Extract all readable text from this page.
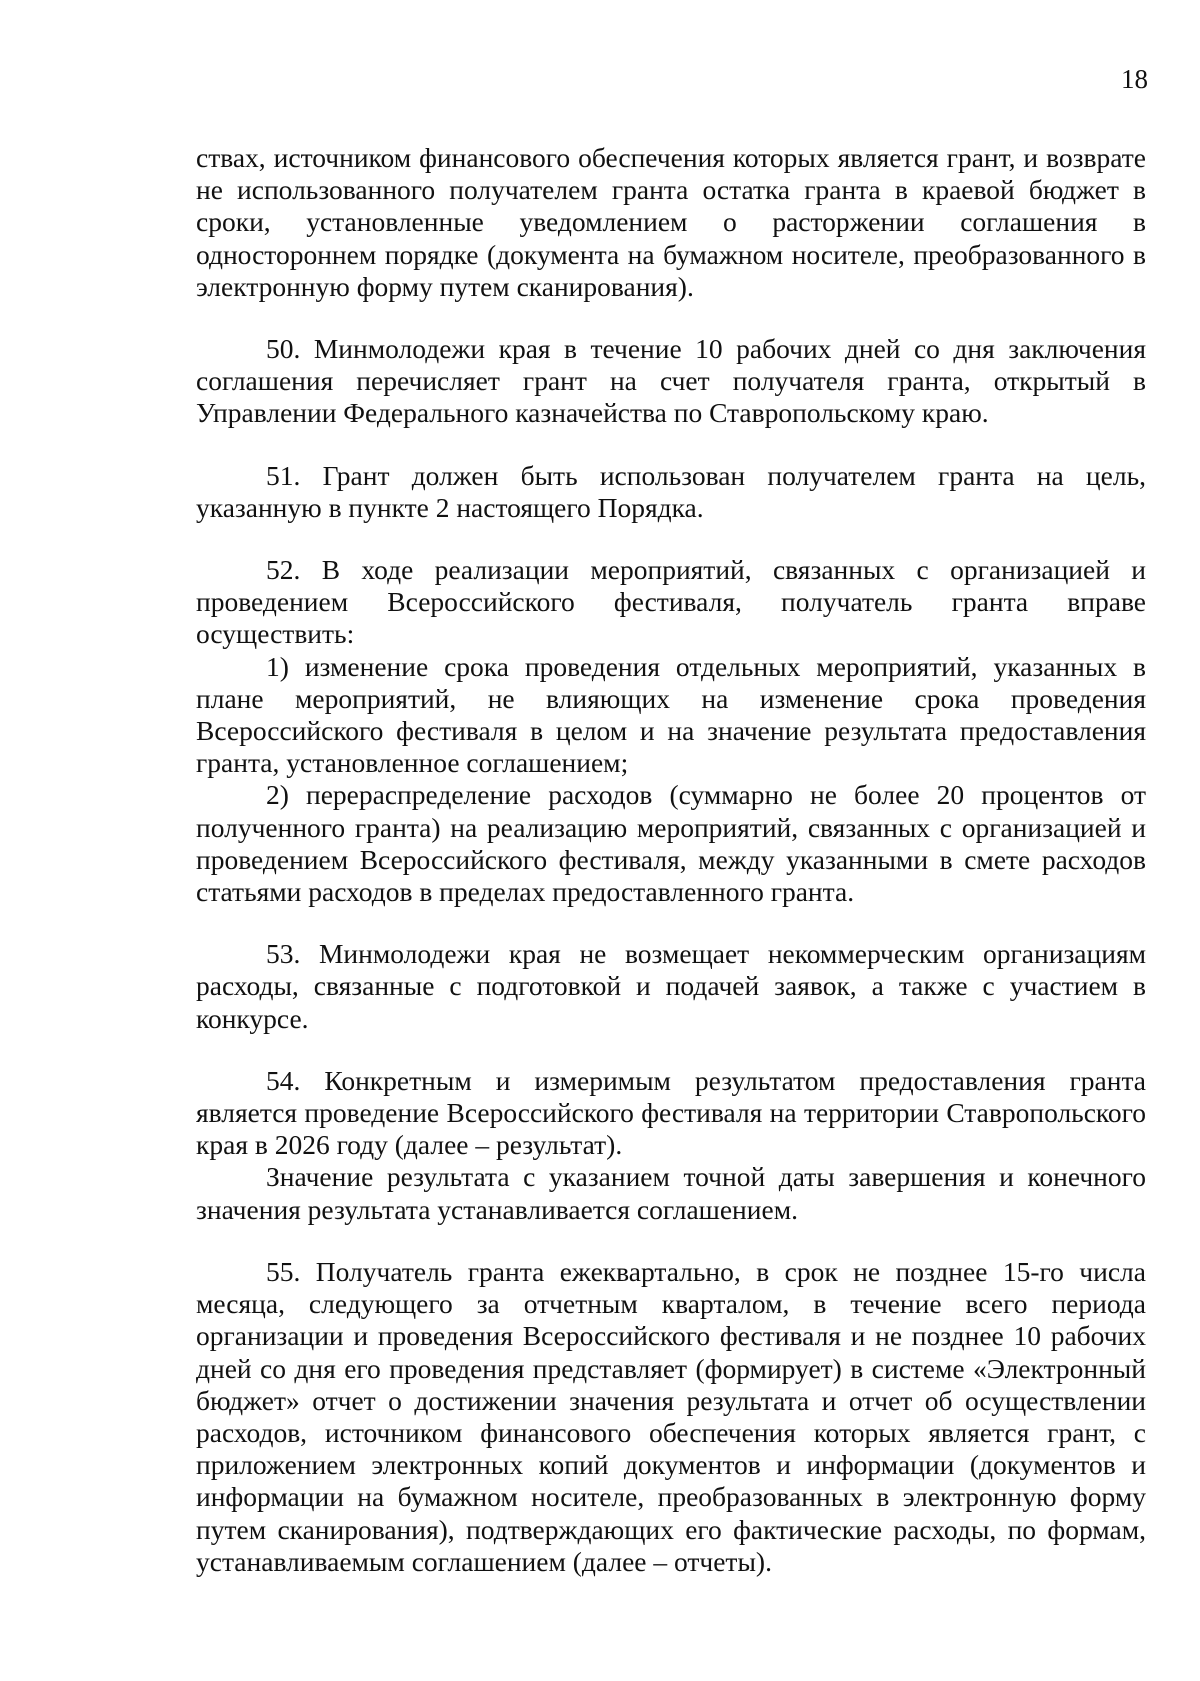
18

ствах, источником финансового обеспечения которых является грант, и возврате не использованного получателем гранта остатка гранта в краевой бюджет в сроки, установленные уведомлением о расторжении соглашения в одностороннем порядке (документа на бумажном носителе, преобразованного в электронную форму путем сканирования).

50. Минмолодежи края в течение 10 рабочих дней со дня заключения соглашения перечисляет грант на счет получателя гранта, открытый в Управлении Федерального казначейства по Ставропольскому краю.

51. Грант должен быть использован получателем гранта на цель, указанную в пункте 2 настоящего Порядка.

52. В ходе реализации мероприятий, связанных с организацией и проведением Всероссийского фестиваля, получатель гранта вправе осуществить:

1) изменение срока проведения отдельных мероприятий, указанных в плане мероприятий, не влияющих на изменение срока проведения Всероссийского фестиваля в целом и на значение результата предоставления гранта, установленное соглашением;

2) перераспределение расходов (суммарно не более 20 процентов от полученного гранта) на реализацию мероприятий, связанных с организацией и проведением Всероссийского фестиваля, между указанными в смете расходов статьями расходов в пределах предоставленного гранта.

53. Минмолодежи края не возмещает некоммерческим организациям расходы, связанные с подготовкой и подачей заявок, а также с участием в конкурсе.

54. Конкретным и измеримым результатом предоставления гранта является проведение Всероссийского фестиваля на территории Ставропольского края в 2026 году (далее – результат).

Значение результата с указанием точной даты завершения и конечного значения результата устанавливается соглашением.

55. Получатель гранта ежеквартально, в срок не позднее 15-го числа месяца, следующего за отчетным кварталом, в течение всего периода организации и проведения Всероссийского фестиваля и не позднее 10 рабочих дней со дня его проведения представляет (формирует) в системе «Электронный бюджет» отчет о достижении значения результата и отчет об осуществлении расходов, источником финансового обеспечения которых является грант, с приложением электронных копий документов и информации (документов и информации на бумажном носителе, преобразованных в электронную форму путем сканирования), подтверждающих его фактические расходы, по формам, устанавливаемым соглашением (далее – отчеты).
